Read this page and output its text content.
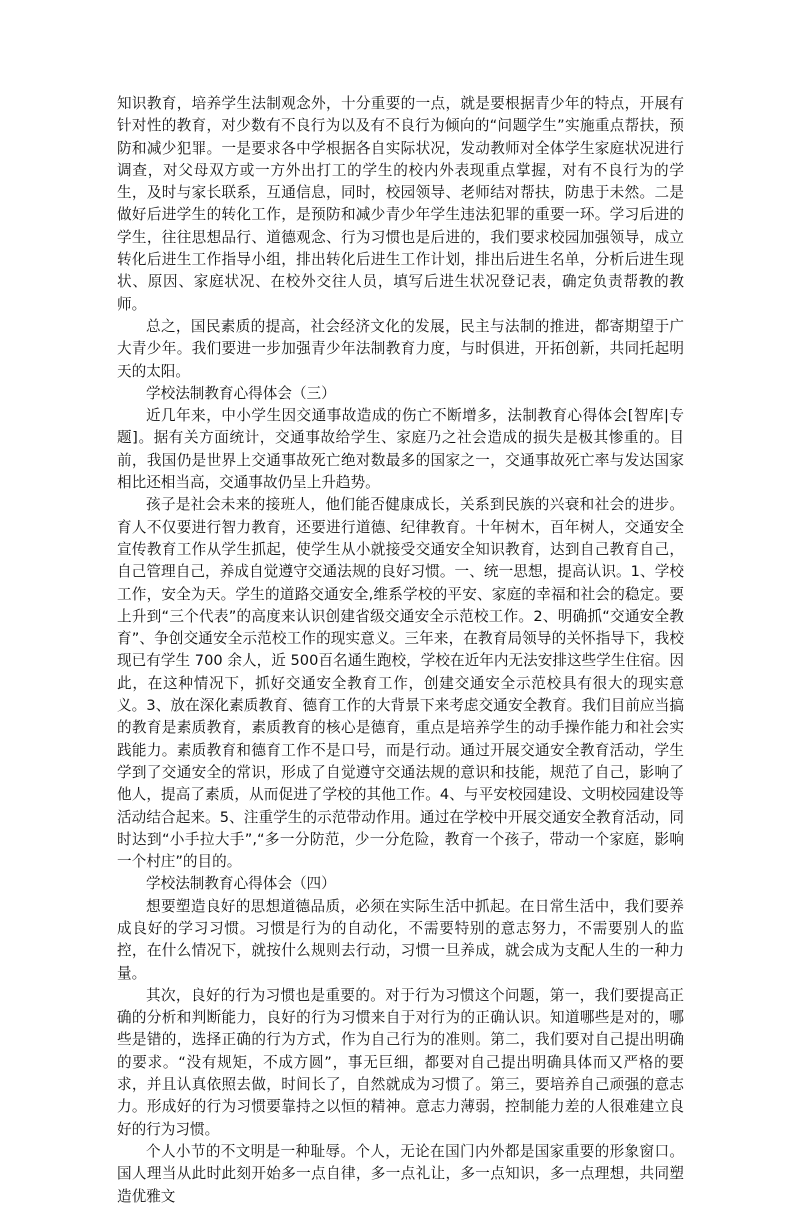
知识教育，培养学生法制观念外，十分重要的一点，就是要根据青少年的特点，开展有针对性的教育，对少数有不良行为以及有不良行为倾向的“问题学生”实施重点帮扶，预防和减少犯罪。一是要求各中学根据各自实际状况，发动教师对全体学生家庭状况进行调查，对父母双方或一方外出打工的学生的校内外表现重点掌握，对有不良行为的学生，及时与家长联系，互通信息，同时，校园领导、老师结对帮扶，防患于未然。二是做好后进学生的转化工作，是预防和减少青少年学生违法犯罪的重要一环。学习后进的学生，往往思想品行、道德观念、行为习惯也是后进的，我们要求校园加强领导，成立转化后进生工作指导小组，排出转化后进生工作计划，排出后进生名单，分析后进生现状、原因、家庭状况、在校外交往人员，填写后进生状况登记表，确定负责帮教的教师。

总之，国民素质的提高，社会经济文化的发展，民主与法制的推进，都寄期望于广大青少年。我们要进一步加强青少年法制教育力度，与时俱进，开拓创新，共同托起明天的太阳。

学校法制教育心得体会（三）

近几年来，中小学生因交通事故造成的伤亡不断增多，法制教育心得体会[智库|专题]。据有关方面统计，交通事故给学生、家庭乃之社会造成的损失是极其惨重的。目前，我国仍是世界上交通事故死亡绝对数最多的国家之一，交通事故死亡率与发达国家相比还相当高，交通事故仍呈上升趋势。

孩子是社会未来的接班人，他们能否健康成长，关系到民族的兴衰和社会的进步。育人不仅要进行智力教育，还要进行道德、纪律教育。十年树木，百年树人，交通安全宣传教育工作从学生抓起，使学生从小就接受交通安全知识教育，达到自己教育自己，自己管理自己，养成自觉遵守交通法规的良好习惯。一、统一思想，提高认识。1、学校工作，安全为天。学生的道路交通安全,维系学校的平安、家庭的幸福和社会的稳定。要上升到“三个代表”的高度来认识创建省级交通安全示范校工作。2、明确抓“交通安全教育”、争创交通安全示范校工作的现实意义。三年来，在教育局领导的关怀指导下，我校现已有学生 700 余人，近 500百名通生跑校，学校在近年内无法安排这些学生住宿。因此，在这种情况下，抓好交通安全教育工作，创建交通安全示范校具有很大的现实意义。3、放在深化素质教育、德育工作的大背景下来考虑交通安全教育。我们目前应当搞的教育是素质教育，素质教育的核心是德育，重点是培养学生的动手操作能力和社会实践能力。素质教育和德育工作不是口号，而是行动。通过开展交通安全教育活动，学生学到了交通安全的常识，形成了自觉遵守交通法规的意识和技能，规范了自己，影响了他人，提高了素质，从而促进了学校的其他工作。4、与平安校园建设、文明校园建设等活动结合起来。5、注重学生的示范带动作用。通过在学校中开展交通安全教育活动，同时达到“小手拉大手”,“多一分防范，少一分危险，教育一个孩子，带动一个家庭，影响一个村庄”的目的。

学校法制教育心得体会（四）

想要塑造良好的思想道德品质，必须在实际生活中抓起。在日常生活中，我们要养成良好的学习习惯。习惯是行为的自动化，不需要特别的意志努力，不需要别人的监控，在什么情况下，就按什么规则去行动，习惯一旦养成，就会成为支配人生的一种力量。

其次，良好的行为习惯也是重要的。对于行为习惯这个问题，第一，我们要提高正确的分析和判断能力，良好的行为习惯来自于对行为的正确认识。知道哪些是对的，哪些是错的，选择正确的行为方式，作为自己行为的准则。第二，我们要对自己提出明确的要求。“没有规矩，不成方圆”，事无巨细，都要对自己提出明确具体而又严格的要求，并且认真依照去做，时间长了，自然就成为习惯了。第三，要培养自己顽强的意志力。形成好的行为习惯要靠持之以恒的精神。意志力薄弱，控制能力差的人很难建立良好的行为习惯。

个人小节的不文明是一种耻辱。个人，无论在国门内外都是国家重要的形象窗口。国人理当从此时此刻开始多一点自律，多一点礼让，多一点知识，多一点理想，共同塑造优雅文
